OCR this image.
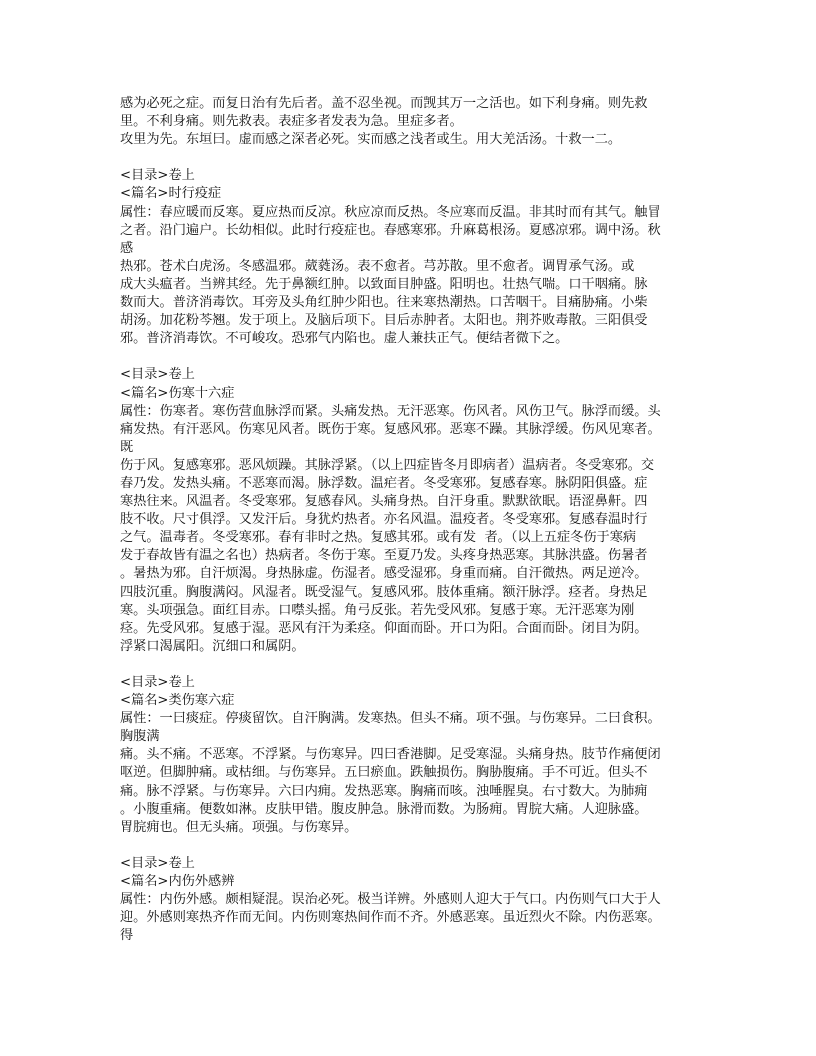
感为必死之症。而复日治有先后者。盖不忍坐视。而觊其万一之活也。如下利身痛。则先救
里。不利身痛。则先救表。表症多者发表为急。里症多者。
攻里为先。东垣曰。虚而感之深者必死。实而感之浅者或生。用大羌活汤。十救一二。
<目录>卷上
<篇名>时行疫症
属性：春应暖而反寒。夏应热而反凉。秋应凉而反热。冬应寒而反温。非其时而有其气。触冒
之者。沿门遍户。长幼相似。此时行疫症也。春感寒邪。升麻葛根汤。夏感凉邪。调中汤。秋
感
热邪。苍术白虎汤。冬感温邪。葳蕤汤。表不愈者。芎苏散。里不愈者。调胃承气汤。或
成大头瘟者。当辨其经。先于鼻额红肿。以致面目肿盛。阳明也。壮热气喘。口干咽痛。脉
数而大。普济消毒饮。耳旁及头角红肿少阳也。往来寒热潮热。口苦咽干。目痛胁痛。小柴
胡汤。加花粉芩翘。发于项上。及脑后项下。目后赤肿者。太阳也。荆芥败毒散。三阳俱受
邪。普济消毒饮。不可峻攻。恐邪气内陷也。虚人兼扶正气。便结者微下之。
<目录>卷上
<篇名>伤寒十六症
属性：伤寒者。寒伤营血脉浮而紧。头痛发热。无汗恶寒。伤风者。风伤卫气。脉浮而缓。头
痛发热。有汗恶风。伤寒见风者。既伤于寒。复感风邪。恶寒不躁。其脉浮缓。伤风见寒者。
既
伤于风。复感寒邪。恶风烦躁。其脉浮紧。（以上四症皆冬月即病者）温病者。冬受寒邪。交
春乃发。发热头痛。不恶寒而渴。脉浮数。温疟者。冬受寒邪。复感春寒。脉阴阳俱盛。症
寒热往来。风温者。冬受寒邪。复感春风。头痛身热。自汗身重。默默欲眠。语涩鼻鼾。四
肢不收。尺寸俱浮。又发汗后。身犹灼热者。亦名风温。温疫者。冬受寒邪。复感春温时行
之气。温毒者。冬受寒邪。春有非时之热。复感其邪。或有发  者。（以上五症冬伤于寒病
发于春故皆有温之名也）热病者。冬伤于寒。至夏乃发。头疼身热恶寒。其脉洪盛。伤暑者
。暑热为邪。自汗烦渴。身热脉虚。伤湿者。感受湿邪。身重而痛。自汗微热。两足逆冷。
四肢沉重。胸腹满闷。风湿者。既受湿气。复感风邪。肢体重痛。额汗脉浮。痉者。身热足
寒。头项强急。面红目赤。口噤头摇。角弓反张。若先受风邪。复感于寒。无汗恶寒为刚
痉。先受风邪。复感于湿。恶风有汗为柔痉。仰面而卧。开口为阳。合面而卧。闭目为阴。
浮紧口渴属阳。沉细口和属阴。
<目录>卷上
<篇名>类伤寒六症
属性：一曰痰症。停痰留饮。自汗胸满。发寒热。但头不痛。项不强。与伤寒异。二曰食积。
胸腹满
痛。头不痛。不恶寒。不浮紧。与伤寒异。四曰香港脚。足受寒湿。头痛身热。肢节作痛便闭
呕逆。但脚肿痛。或枯细。与伤寒异。五曰瘀血。跌触损伤。胸胁腹痛。手不可近。但头不
痛。脉不浮紧。与伤寒异。六曰内痈。发热恶寒。胸痛而咳。浊唾腥臭。右寸数大。为肺痈
。小腹重痛。便数如淋。皮肤甲错。腹皮肿急。脉滑而数。为肠痈。胃脘大痛。人迎脉盛。
胃脘痈也。但无头痛。项强。与伤寒异。
<目录>卷上
<篇名>内伤外感辨
属性：内伤外感。颇相疑混。误治必死。极当详辨。外感则人迎大于气口。内伤则气口大于人
迎。外感则寒热齐作而无间。内伤则寒热间作而不齐。外感恶寒。虽近烈火不除。内伤恶寒。
得
